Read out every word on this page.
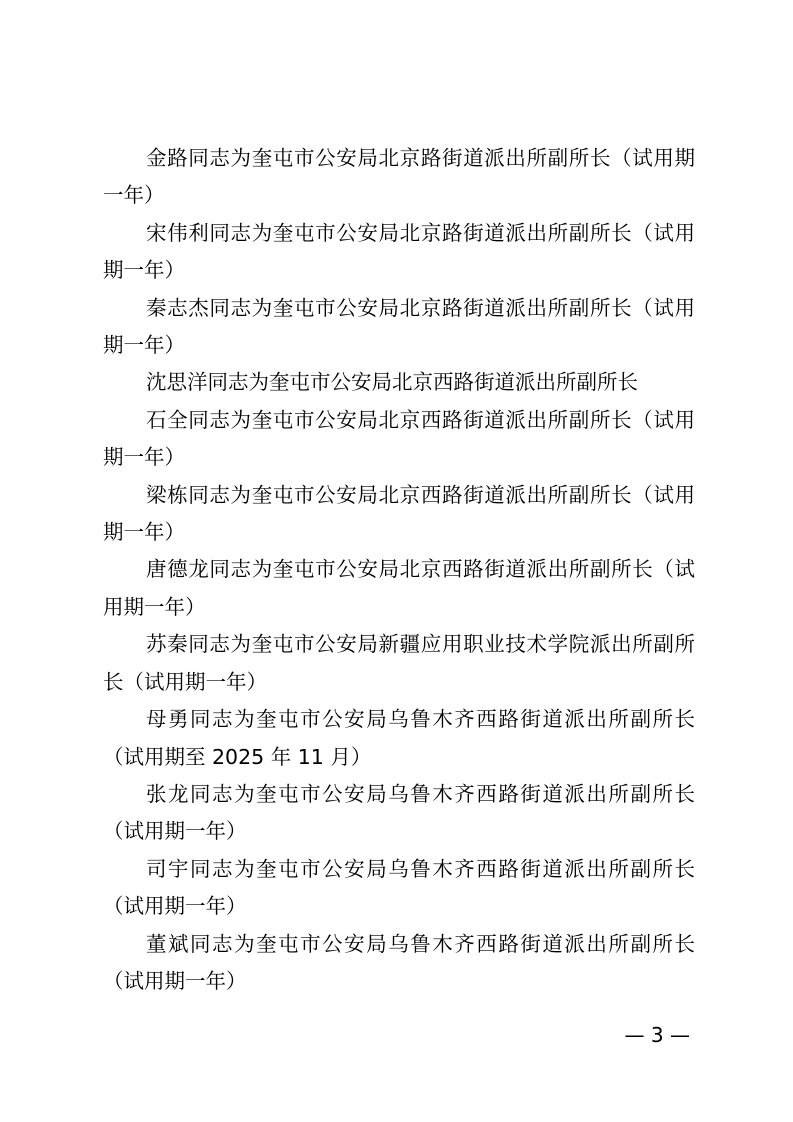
金路同志为奎屯市公安局北京路街道派出所副所长（试用期一年）
宋伟利同志为奎屯市公安局北京路街道派出所副所长（试用期一年）
秦志杰同志为奎屯市公安局北京路街道派出所副所长（试用期一年）
沈思洋同志为奎屯市公安局北京西路街道派出所副所长
石全同志为奎屯市公安局北京西路街道派出所副所长（试用期一年）
梁栋同志为奎屯市公安局北京西路街道派出所副所长（试用期一年）
唐德龙同志为奎屯市公安局北京西路街道派出所副所长（试用期一年）
苏秦同志为奎屯市公安局新疆应用职业技术学院派出所副所长（试用期一年）
母勇同志为奎屯市公安局乌鲁木齐西路街道派出所副所长（试用期至 2025 年 11 月）
张龙同志为奎屯市公安局乌鲁木齐西路街道派出所副所长（试用期一年）
司宇同志为奎屯市公安局乌鲁木齐西路街道派出所副所长（试用期一年）
董斌同志为奎屯市公安局乌鲁木齐西路街道派出所副所长（试用期一年）
— 3 —
